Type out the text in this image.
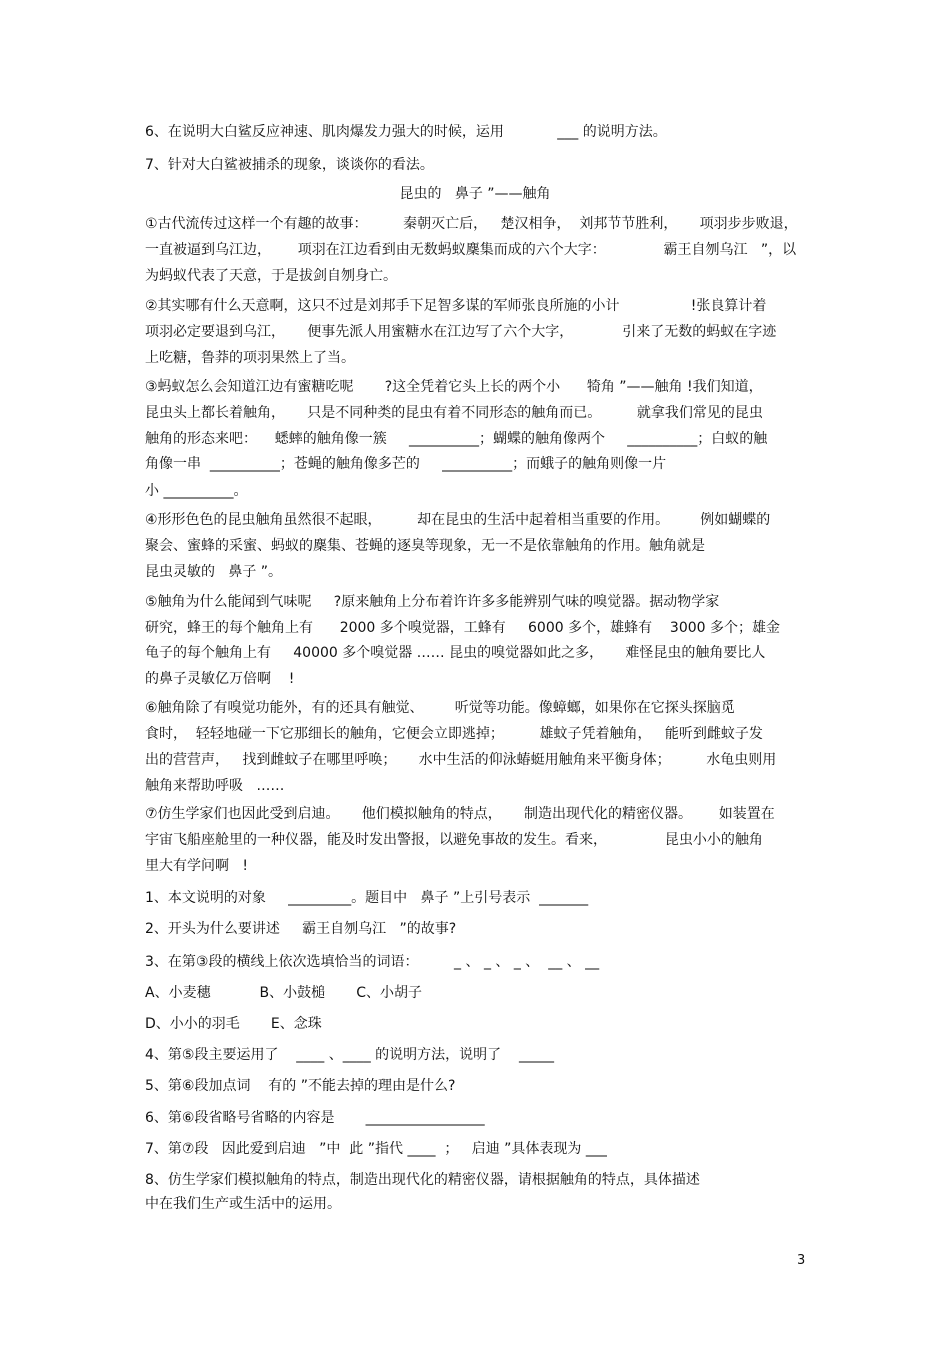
6、在说明大白鲨反应神速、肌肉爆发力强大的时候，运用            ___ 的说明方法。
7、针对大白鲨被捕杀的现象，谈谈你的看法。
昆虫的   鼻子 ”——触角
①古代流传过这样一个有趣的故事：        秦朝灭亡后，   楚汉相争，  刘邦节节胜利，     项羽步步败退，
一直被逼到乌江边，      项羽在江边看到由无数蚂蚁麇集而成的六个大字：             霸王自刎乌江   ”，以
为蚂蚁代表了天意，于是拔剑自刎身亡。
②其实哪有什么天意啊，这只不过是刘邦手下足智多谋的军师张良所施的小计                !张良算计着
项羽必定要退到乌江，     便事先派人用蜜糖水在江边写了六个大字，           引来了无数的蚂蚁在字迹
上吃糖，鲁莽的项羽果然上了当。
③蚂蚁怎么会知道江边有蜜糖吃呢       ?这全凭着它头上长的两个小      犄角 ”——触角 !我们知道，
昆虫头上都长着触角，     只是不同种类的昆虫有着不同形态的触角而已。        就拿我们常见的昆虫
触角的形态来吧：    蟋蟀的触角像一簇     __________；蝴蝶的触角像两个     __________；白蚁的触
角像一串  __________；苍蝇的触角像多芒的     __________；而蛾子的触角则像一片
小 __________。
④形形色色的昆虫触角虽然很不起眼，        却在昆虫的生活中起着相当重要的作用。       例如蝴蝶的
聚会、蜜蜂的采蜜、蚂蚁的麇集、苍蝇的逐臭等现象，无一不是依靠触角的作用。触角就是
昆虫灵敏的   鼻子 ”。
⑤触角为什么能闻到气味呢     ?原来触角上分布着许许多多能辨别气味的嗅觉器。据动物学家
研究，蜂王的每个触角上有      2000 多个嗅觉器，工蜂有     6000 多个，雄蜂有    3000 多个；雄金
龟子的每个触角上有     40000 多个嗅觉器 …… 昆虫的嗅觉器如此之多，     难怪昆虫的触角要比人
的鼻子灵敏亿万倍啊    !
⑥触角除了有嗅觉功能外，有的还具有触觉、       听觉等功能。像蟑螂，如果你在它探头探脑觅
食时，  轻轻地碰一下它那细长的触角，它便会立即逃掉；        雄蚊子凭着触角，   能听到雌蚊子发
出的营营声，   找到雌蚊子在哪里呼唤；     水中生活的仰泳蝽蜓用触角来平衡身体；        水龟虫则用
触角来帮助呼吸   ……
⑦仿生学家们也因此受到启迪。     他们模拟触角的特点，     制造出现代化的精密仪器。      如装置在
宇宙飞船座舱里的一种仪器，能及时发出警报，以避免事故的发生。看来，             昆虫小小的触角
里大有学问啊   !
1、本文说明的对象     _________。题目中   鼻子 ”上引号表示  _______
2、开头为什么要讲述     霸王自刎乌江   ”的故事?
3、在第③段的横线上依次选填恰当的词语：        _ 、 _ 、 _ 、  __ 、 __
A、小麦穗           B、小鼓槌       C、小胡子
D、小小的羽毛       E、念珠
4、第⑤段主要运用了    ____ 、____ 的说明方法，说明了    _____
5、第⑥段加点词    有的 ”不能去掉的理由是什么?
6、第⑥段省略号省略的内容是       _________________
7、第⑦段   因此爱到启迪   ”中  此 ”指代 ____  ；   启迪 ”具体表现为 ___
8、仿生学家们模拟触角的特点，制造出现代化的精密仪器，请根据触角的特点，具体描述
中在我们生产或生活中的运用。
3
